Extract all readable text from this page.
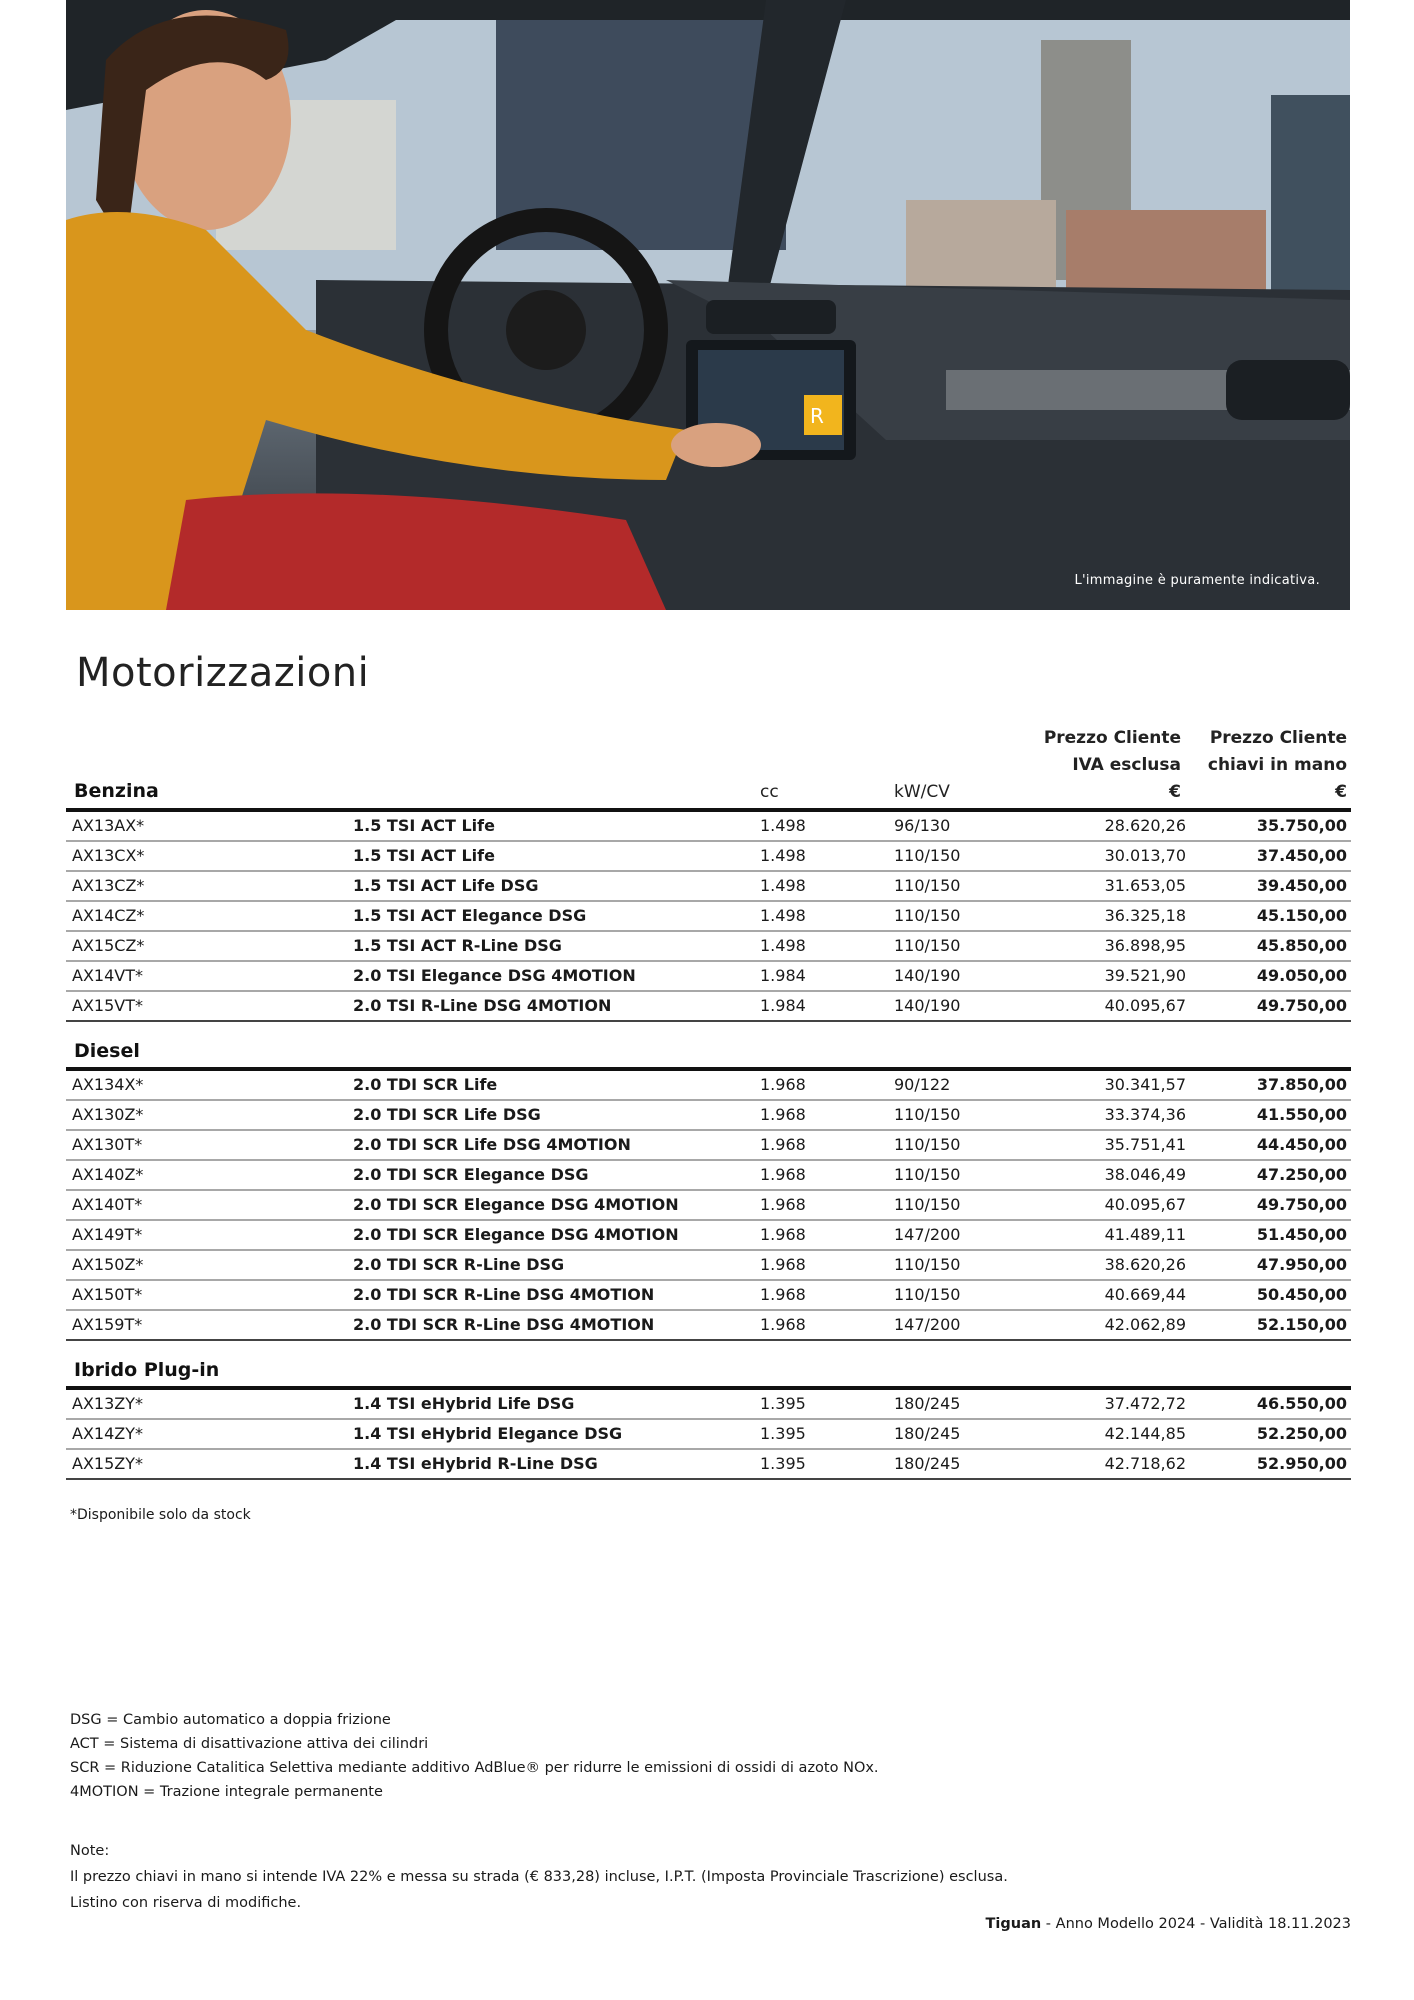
R
L'immagine è puramente indicativa.
Motorizzazioni
Prezzo Cliente
IVA esclusa
€
Prezzo Cliente
chiavi in mano
€
cc	kW/CV
Benzina
AX13AX*	1.5 TSI ACT Life	1.498	96/130	28.620,26	35.750,00
AX13CX*	1.5 TSI ACT Life	1.498	110/150	30.013,70	37.450,00
AX13CZ*	1.5 TSI ACT Life DSG	1.498	110/150	31.653,05	39.450,00
AX14CZ*	1.5 TSI ACT Elegance DSG	1.498	110/150	36.325,18	45.150,00
AX15CZ*	1.5 TSI ACT R-Line DSG	1.498	110/150	36.898,95	45.850,00
AX14VT*	2.0 TSI Elegance DSG 4MOTION	1.984	140/190	39.521,90	49.050,00
AX15VT*	2.0 TSI R-Line DSG 4MOTION	1.984	140/190	40.095,67	49.750,00
Diesel
AX134X*	2.0 TDI SCR Life	1.968	90/122	30.341,57	37.850,00
AX130Z*	2.0 TDI SCR Life DSG	1.968	110/150	33.374,36	41.550,00
AX130T*	2.0 TDI SCR Life DSG 4MOTION	1.968	110/150	35.751,41	44.450,00
AX140Z*	2.0 TDI SCR Elegance DSG	1.968	110/150	38.046,49	47.250,00
AX140T*	2.0 TDI SCR Elegance DSG 4MOTION	1.968	110/150	40.095,67	49.750,00
AX149T*	2.0 TDI SCR Elegance DSG 4MOTION	1.968	147/200	41.489,11	51.450,00
AX150Z*	2.0 TDI SCR R-Line DSG	1.968	110/150	38.620,26	47.950,00
AX150T*	2.0 TDI SCR R-Line DSG 4MOTION	1.968	110/150	40.669,44	50.450,00
AX159T*	2.0 TDI SCR R-Line DSG 4MOTION	1.968	147/200	42.062,89	52.150,00
Ibrido Plug-in
AX13ZY*	1.4 TSI eHybrid Life DSG	1.395	180/245	37.472,72	46.550,00
AX14ZY*	1.4 TSI eHybrid Elegance DSG	1.395	180/245	42.144,85	52.250,00
AX15ZY*	1.4 TSI eHybrid R-Line DSG	1.395	180/245	42.718,62	52.950,00
*Disponibile solo da stock
DSG = Cambio automatico a doppia frizione
ACT = Sistema di disattivazione attiva dei cilindri
SCR = Riduzione Catalitica Selettiva mediante additivo AdBlue® per ridurre le emissioni di ossidi di azoto NOx.
4MOTION = Trazione integrale permanente
Note:
Il prezzo chiavi in mano si intende IVA 22% e messa su strada (€ 833,28) incluse, I.P.T. (Imposta Provinciale Trascrizione) esclusa.
Listino con riserva di modifiche.
Tiguan - Anno Modello 2024 - Validità 18.11.2023
